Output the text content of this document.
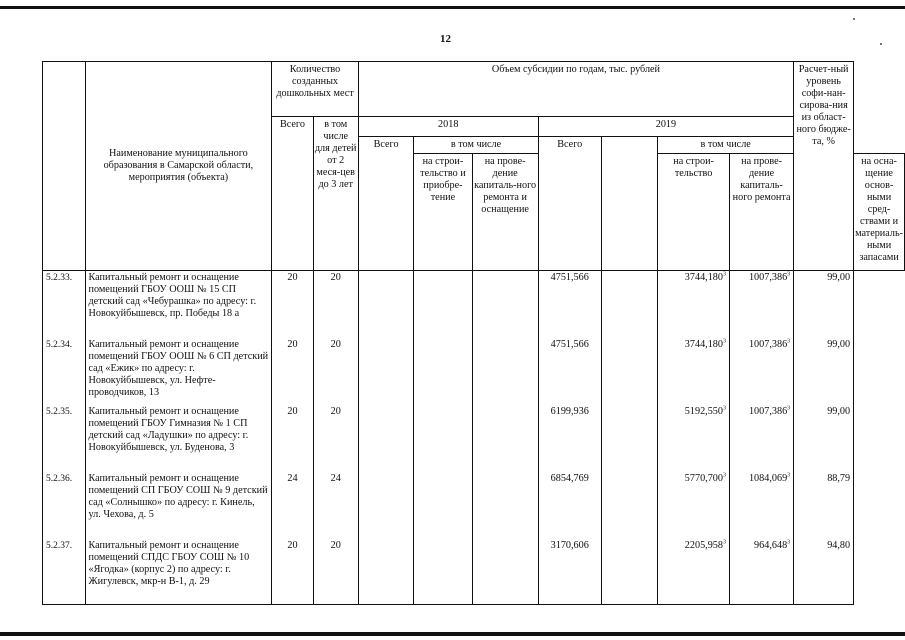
12
	Наименование муниципального образования в Самарской области, мероприятия (объекта)	Количество созданных дошкольных мест		Объем субсидии по годам, тыс. рублей							Расчет-ный уровень софи-нан-сирова-ния из област-ного бюдже-та, %	
		Всего	в том числе для детей от 2 меся-цев до 3 лет	2018			2019					
				Всего	в том числе		Всего		в том числе			
					на строи-тельство и приобре-тение	на прове-дение капиталь-ного ремонта и оснащение			на строи-тельство	на прове-дение капиталь-ного ремонта		на осна-щение основ-ными сред-ствами и материаль-ными запасами
5.2.33.	Капитальный ремонт и оснащение помещений ГБОУ ООШ № 15 СП детский сад «Чебурашка» по адресу: г. Новокуйбышевск, пр. Победы 18 а	20	20				4751,566		3744,180$^3$	1007,386$^3$	99,00	
5.2.34.	Капитальный ремонт и оснащение помещений ГБОУ ООШ № 6 СП детский сад «Ежик» по адресу: г. Новокуйбышевск, ул. Нефте-проводчиков, 13	20	20				4751,566		3744,180$^3$	1007,386$^3$	99,00	
5.2.35.	Капитальный ремонт и оснащение помещений ГБОУ Гимназия № 1 СП детский сад «Ладушки» по адресу: г. Новокуйбышевск, ул. Буденова, 3	20	20				6199,936		5192,550$^3$	1007,386$^3$	99,00	
5.2.36.	Капитальный ремонт и оснащение помещений СП ГБОУ СОШ № 9 детский сад «Солнышко» по адресу: г. Кинель, ул. Чехова, д. 5	24	24				6854,769		5770,700$^3$	1084,069$^3$	88,79	
5.2.37.	Капитальный ремонт и оснащение помещений СПДС ГБОУ СОШ № 10 «Ягодка» (корпус 2) по адресу: г. Жигулевск, мкр-н В-1, д. 29	20	20				3170,606		2205,958$^3$	964,648$^3$	94,80	
